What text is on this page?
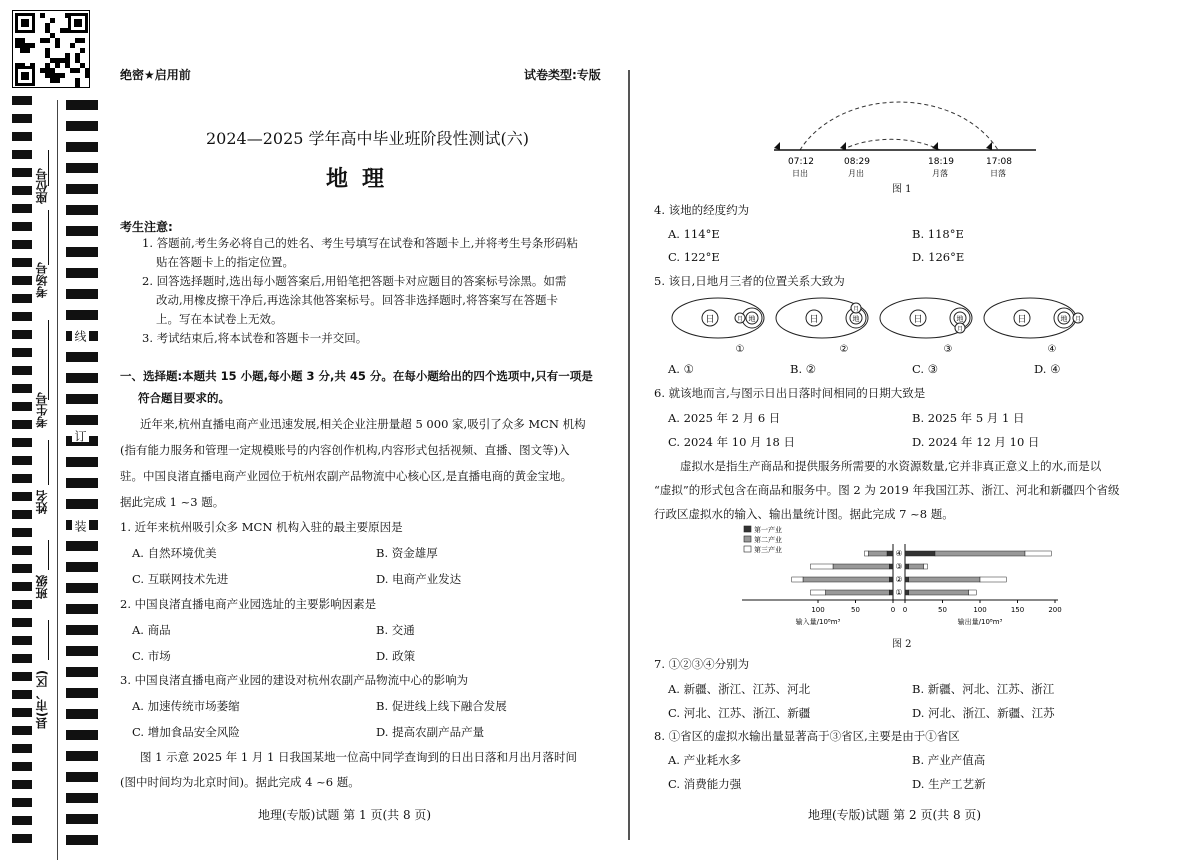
座位号
考场号
考生号
姓名
班级
县(市、区)
线
订
装
绝密★启用前	试卷类型:专版
2024—2025 学年高中毕业班阶段性测试(六)
地理
考生注意:
1. 答题前,考生务必将自己的姓名、考生号填写在试卷和答题卡上,并将考生号条形码粘
贴在答题卡上的指定位置。
2. 回答选择题时,选出每小题答案后,用铅笔把答题卡对应题目的答案标号涂黑。如需
改动,用橡皮擦干净后,再选涂其他答案标号。回答非选择题时,将答案写在答题卡
上。写在本试卷上无效。
3. 考试结束后,将本试卷和答题卡一并交回。
一、选择题:本题共 15 小题,每小题 3 分,共 45 分。在每小题给出的四个选项中,只有一项是
符合题目要求的。
近年来,杭州直播电商产业迅速发展,相关企业注册量超 5 000 家,吸引了众多 MCN 机构
(指有能力服务和管理一定规模账号的内容创作机构,内容形式包括视频、直播、图文等)入
驻。中国良渚直播电商产业园位于杭州农副产品物流中心核心区,是直播电商的黄金宝地。
据此完成 1 ~3 题。
1. 近年来杭州吸引众多 MCN 机构入驻的最主要原因是
A. 自然环境优美	B. 资金雄厚
C. 互联网技术先进	D. 电商产业发达
2. 中国良渚直播电商产业园选址的主要影响因素是
A. 商品	B. 交通
C. 市场	D. 政策
3. 中国良渚直播电商产业园的建设对杭州农副产品物流中心的影响为
A. 加速传统市场萎缩	B. 促进线上线下融合发展
C. 增加食品安全风险	D. 提高农副产品产量
图 1 示意 2025 年 1 月 1 日我国某地一位高中同学查询到的日出日落和月出月落时间
(图中时间均为北京时间)。据此完成 4 ~6 题。
地理(专版)试题 第 1 页(共 8 页)
07:12	08:29	18:19	17:08
日出	月出	月落	日落
图 1
4. 该地的经度约为
A. 114°E	B. 118°E
C. 122°E	D. 126°E
5. 该日,日地月三者的位置关系大致为
日	地
月
①
日	地
月
②
日	地
月
③
日	地 月
④
A. ①	B. ②	C. ③	D. ④
6. 就该地而言,与图示日出日落时间相同的日期大致是
A. 2025 年 2 月 6 日	B. 2025 年 5 月 1 日
C. 2024 年 10 月 18 日	D. 2024 年 12 月 10 日
虚拟水是指生产商品和提供服务所需要的水资源数量,它并非真正意义上的水,而是以
“虚拟”的形式包含在商品和服务中。图 2 为 2019 年我国江苏、浙江、河北和新疆四个省级
行政区虚拟水的输入、输出量统计图。据此完成 7 ~8 题。
第一产业
第二产业
第三产业
100	50	0 0	50	100	150	200
输入量/10⁸m³	输出量/10⁸m³
①
②
③
④
图 2
7. ①②③④分别为
A. 新疆、浙江、江苏、河北	B. 新疆、河北、江苏、浙江
C. 河北、江苏、浙江、新疆	D. 河北、浙江、新疆、江苏
8. ①省区的虚拟水输出量显著高于③省区,主要是由于①省区
A. 产业耗水多	B. 产业产值高
C. 消费能力强	D. 生产工艺新
地理(专版)试题 第 2 页(共 8 页)
